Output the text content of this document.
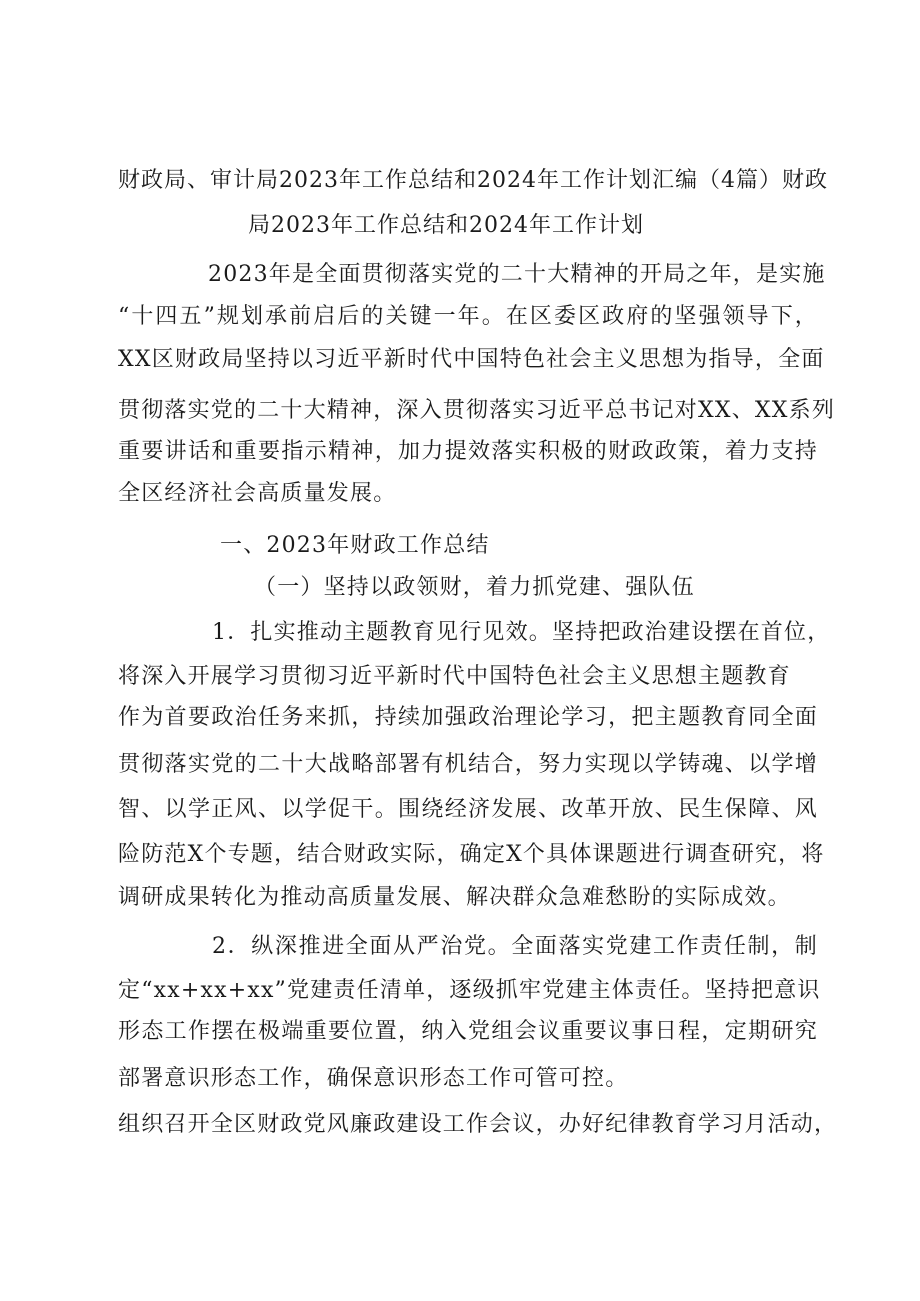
财政局、审计局2023年工作总结和2024年工作计划汇编（4篇）财政
局2023年工作总结和2024年工作计划
2023年是全面贯彻落实党的二十大精神的开局之年，是实施
“十四五”规划承前启后的关键一年。在区委区政府的坚强领导下，
XX区财政局坚持以习近平新时代中国特色社会主义思想为指导，全面
贯彻落实党的二十大精神，深入贯彻落实习近平总书记对XX、XX系列
重要讲话和重要指示精神，加力提效落实积极的财政政策，着力支持
全区经济社会高质量发展。
一、2023年财政工作总结
（一）坚持以政领财，着力抓党建、强队伍
1．扎实推动主题教育见行见效。坚持把政治建设摆在首位，
将深入开展学习贯彻习近平新时代中国特色社会主义思想主题教育
作为首要政治任务来抓，持续加强政治理论学习，把主题教育同全面
贯彻落实党的二十大战略部署有机结合，努力实现以学铸魂、以学增
智、以学正风、以学促干。围绕经济发展、改革开放、民生保障、风
险防范X个专题，结合财政实际，确定X个具体课题进行调查研究，将
调研成果转化为推动高质量发展、解决群众急难愁盼的实际成效。
2．纵深推进全面从严治党。全面落实党建工作责任制，制
定“xx+xx+xx”党建责任清单，逐级抓牢党建主体责任。坚持把意识
形态工作摆在极端重要位置，纳入党组会议重要议事日程，定期研究
部署意识形态工作，确保意识形态工作可管可控。
组织召开全区财政党风廉政建设工作会议，办好纪律教育学习月活动，
